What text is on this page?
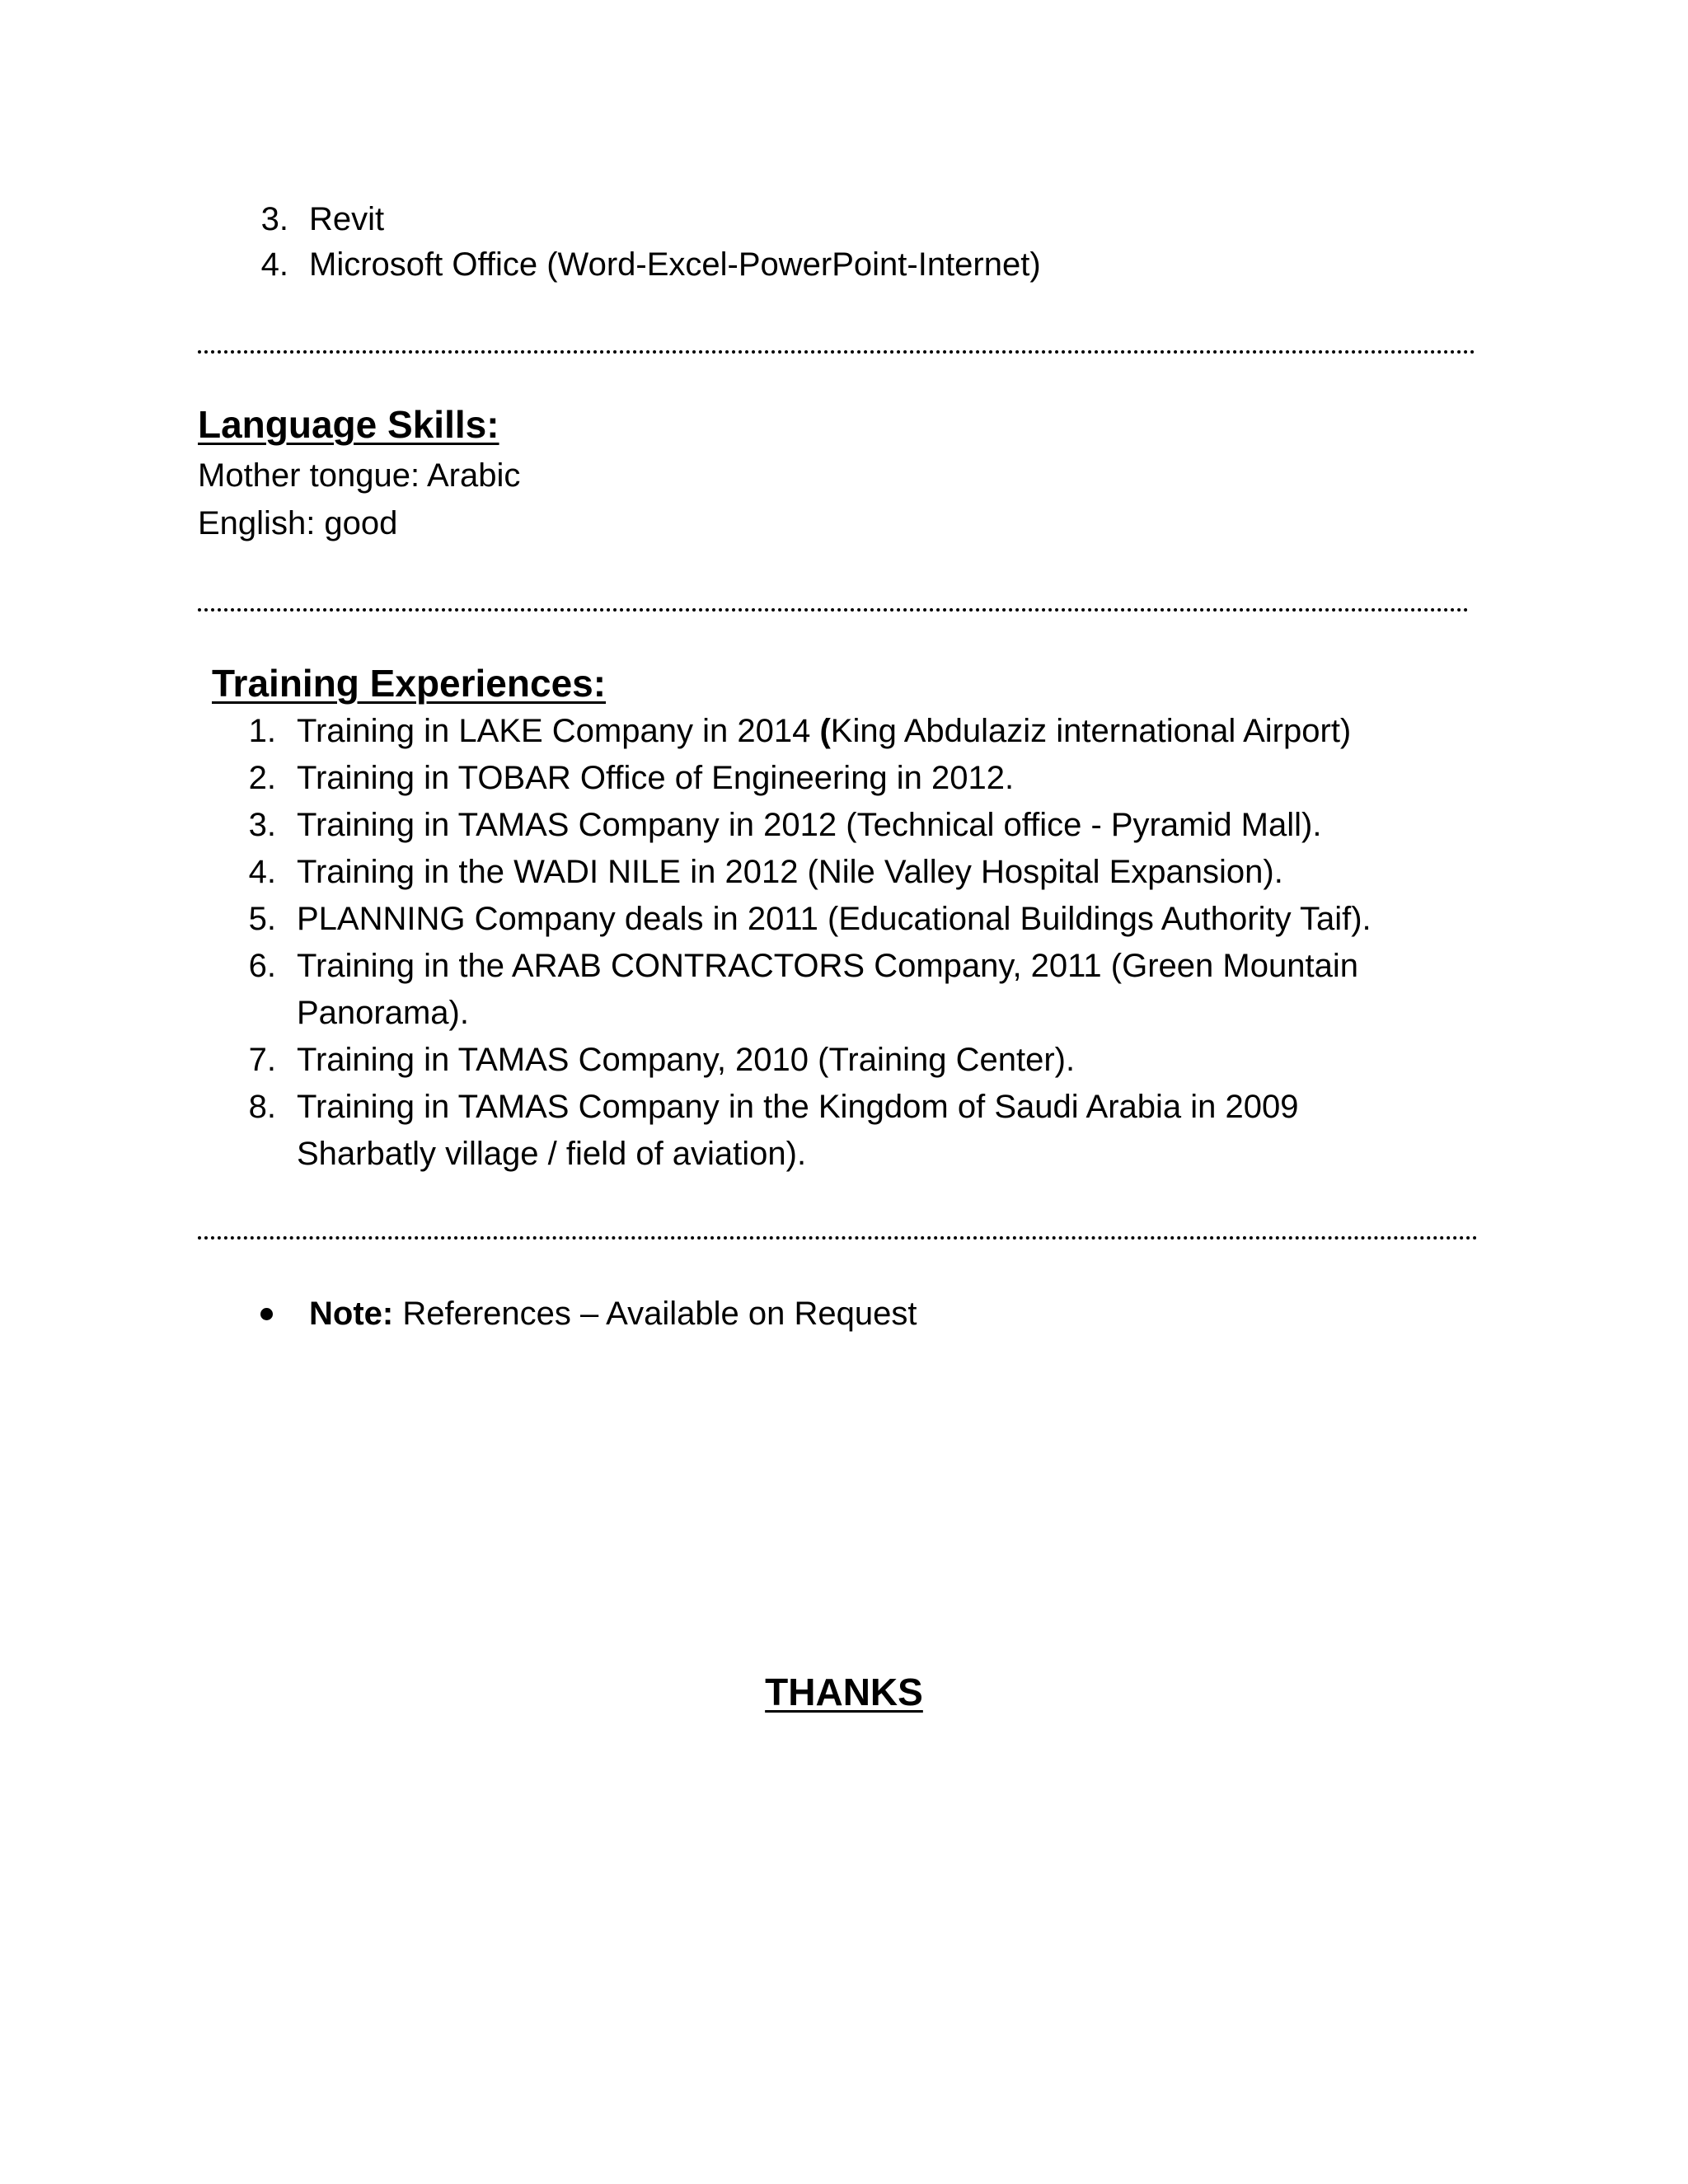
3. Revit
4. Microsoft Office (Word-Excel-PowerPoint-Internet)
Language Skills:
Mother tongue: Arabic
English: good
Training Experiences:
1. Training in LAKE Company in 2014 (King Abdulaziz international Airport)
2. Training in TOBAR Office of Engineering in 2012.
3. Training in TAMAS Company in 2012 (Technical office - Pyramid Mall).
4. Training in the WADI NILE in 2012 (Nile Valley Hospital Expansion).
5. PLANNING Company deals in 2011 (Educational Buildings Authority Taif).
6. Training in the ARAB CONTRACTORS Company, 2011 (Green Mountain
Panorama).
7. Training in TAMAS Company, 2010 (Training Center).
8. Training in TAMAS Company in the Kingdom of Saudi Arabia in 2009
Sharbatly village / field of aviation).
Note: References – Available on Request
THANKS
